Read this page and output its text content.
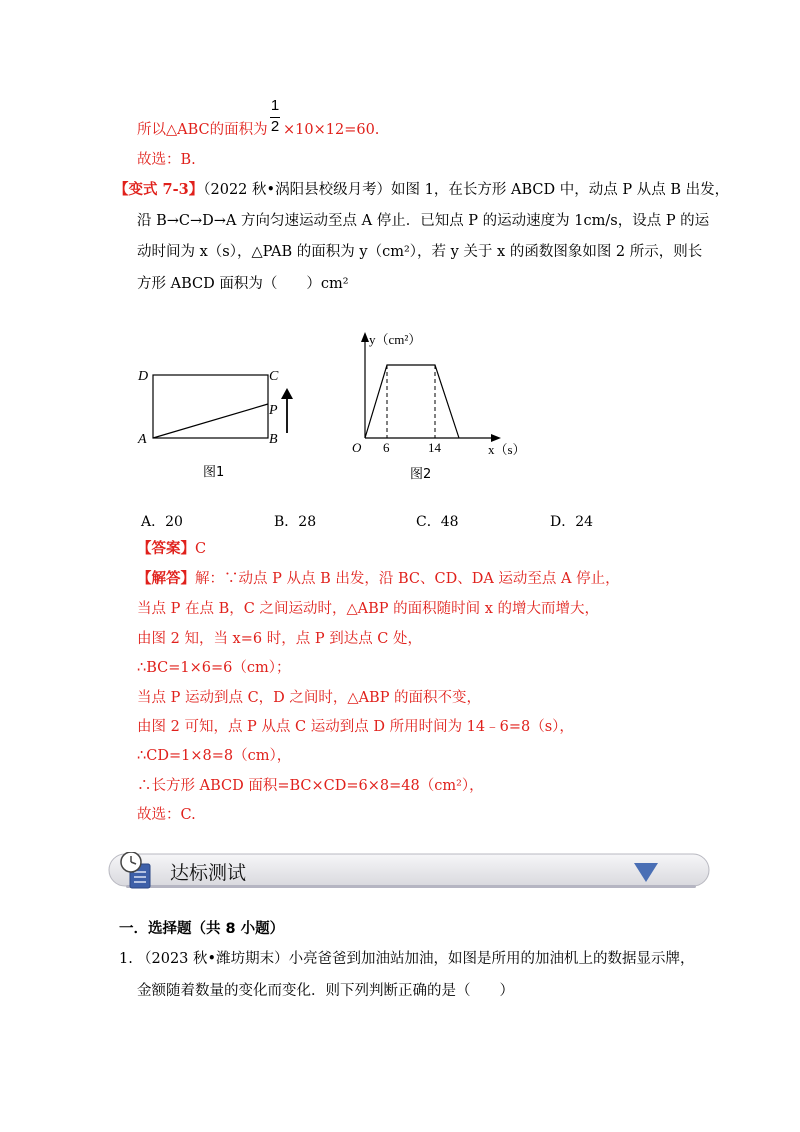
1
2
所以△ABC的面积为 ×10×12=60.
故选：B.
【变式 7-3】（2022 秋•涡阳县校级月考）如图 1，在长方形 ABCD 中，动点 P 从点 B 出发，
沿 B→C→D→A 方向匀速运动至点 A 停止．已知点 P 的运动速度为 1cm/s，设点 P 的运
动时间为 x（s），△PAB 的面积为 y（cm²），若 y 关于 x 的函数图象如图 2 所示，则长
方形 ABCD 面积为（　　）cm²
D	C
A	B
P
图1
y（cm²）
x（s）
O 6	14
图2
A．20	B．28	C．48	D．24
【答案】C
【解答】解：∵动点 P 从点 B 出发，沿 BC、CD、DA 运动至点 A 停止，
当点 P 在点 B，C 之间运动时，△ABP 的面积随时间 x 的增大而增大，
由图 2 知，当 x=6 时，点 P 到达点 C 处，
∴BC=1×6=6（cm）；
当点 P 运动到点 C，D 之间时，△ABP 的面积不变，
由图 2 可知，点 P 从点 C 运动到点 D 所用时间为 14﹣6=8（s），
∴CD=1×8=8（cm），
∴长方形 ABCD 面积=BC×CD=6×8=48（cm²），
故选：C.
达标测试
一．选择题（共 8 小题）
1. （2023 秋•潍坊期末）小亮爸爸到加油站加油，如图是所用的加油机上的数据显示牌，
金额随着数量的变化而变化．则下列判断正确的是（　　）
